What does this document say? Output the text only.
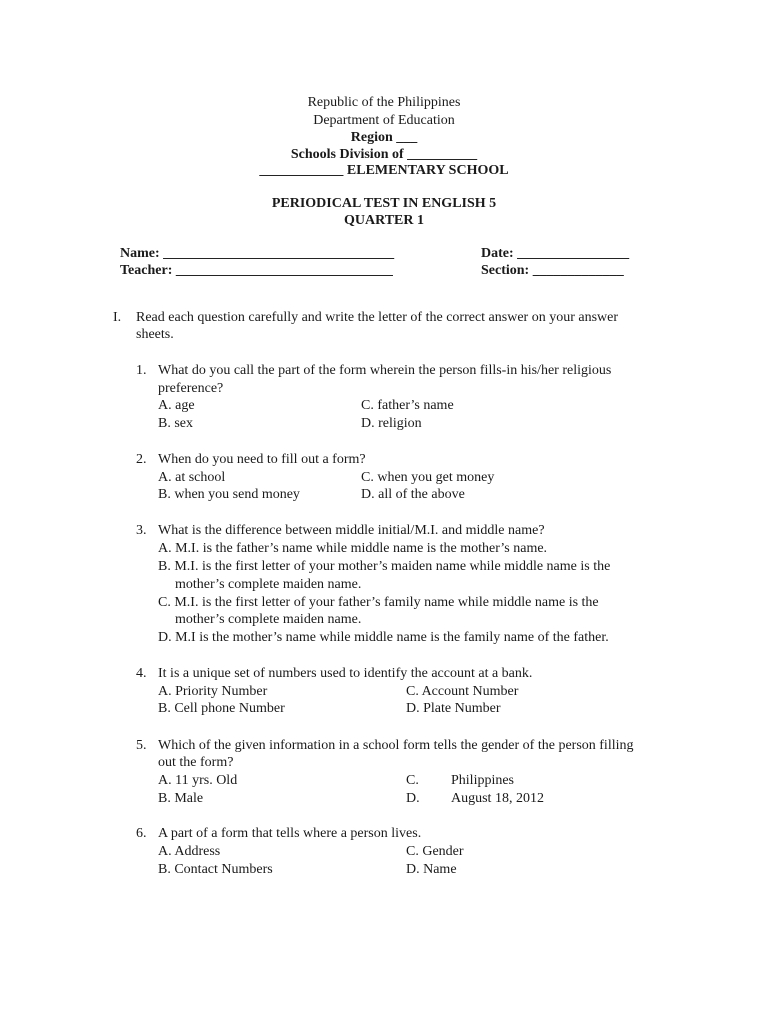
Republic of the Philippines
Department of Education
Region ___
Schools Division of __________
____________ ELEMENTARY SCHOOL
PERIODICAL TEST IN ENGLISH 5
QUARTER 1
Name: _________________________________	Date: ________________
Teacher: _______________________________	Section: _____________
I. Read each question carefully and write the letter of the correct answer on your answer
sheets.
1. What do you call the part of the form wherein the person fills-in his/her religious
preference?
A. age
B. sex
C. father’s name
D. religion
2. When do you need to fill out a form?
A. at school
B. when you send money
C. when you get money
D. all of the above
3. What is the difference between middle initial/M.I. and middle name?
A. M.I. is the father’s name while middle name is the mother’s name.
B. M.I. is the first letter of your mother’s maiden name while middle name is the
mother’s complete maiden name.
C. M.I. is the first letter of your father’s family name while middle name is the
mother’s complete maiden name.
D. M.I is the mother’s name while middle name is the family name of the father.
4. It is a unique set of numbers used to identify the account at a bank.
A. Priority Number
B. Cell phone Number
C. Account Number
D. Plate Number
5. Which of the given information in a school form tells the gender of the person filling
out the form?
A. 11 yrs. Old
B. Male
C. Philippines
D. August 18, 2012
6. A part of a form that tells where a person lives.
A. Address
B. Contact Numbers
C. Gender
D. Name
